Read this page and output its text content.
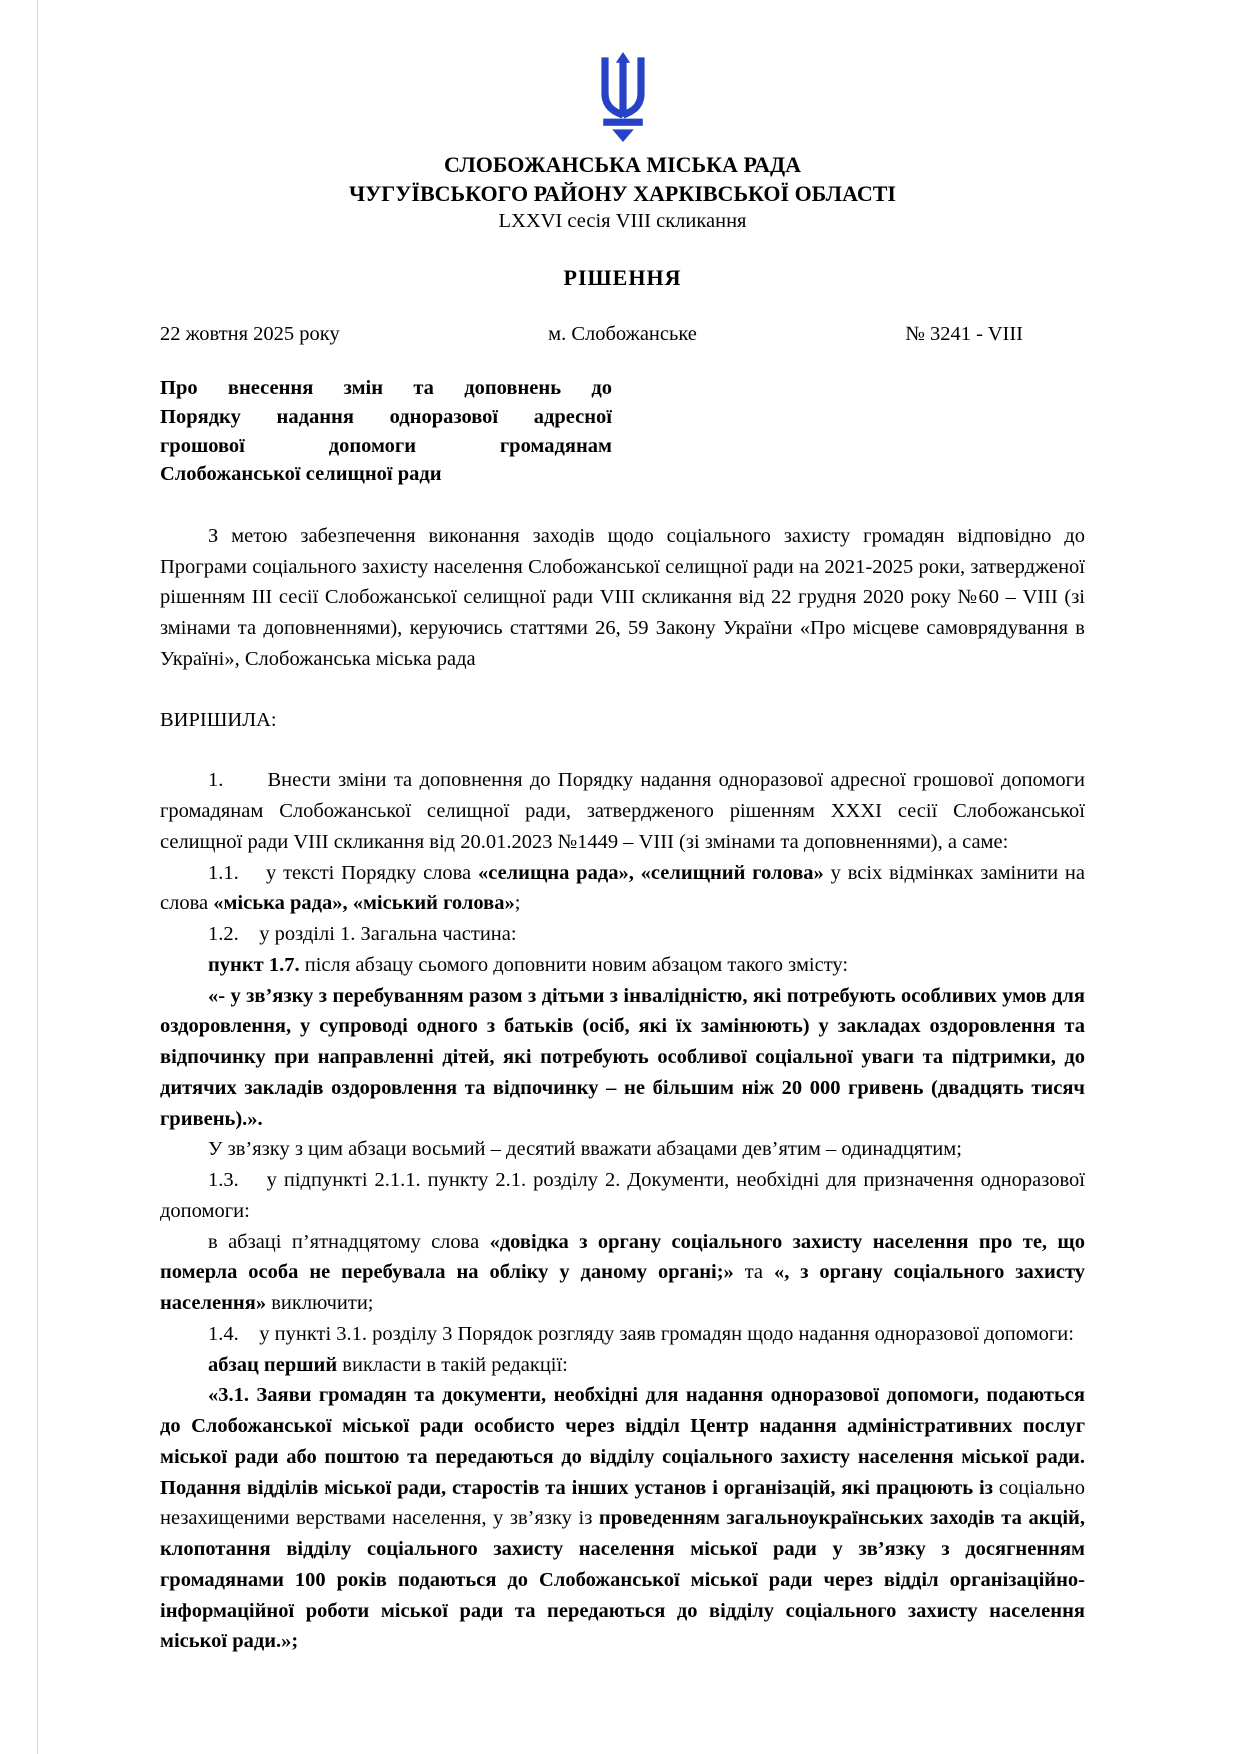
СЛОБОЖАНСЬКА МІСЬКА РАДА
ЧУГУЇВСЬКОГО РАЙОНУ ХАРКІВСЬКОЇ ОБЛАСТІ
LXXVI сесія VIII скликання
РІШЕННЯ
22 жовтня 2025 року	м. Слобожанське	№ 3241 - VIII
Про внесення змін та доповнень до
Порядку надання одноразової адресної
грошової допомоги громадянам
Слобожанської селищної ради
З метою забезпечення виконання заходів щодо соціального захисту громадян відповідно до Програми соціального захисту населення Слобожанської селищної ради на 2021-2025 роки, затвердженої рішенням III сесії Слобожанської селищної ради VIII скликання від 22 грудня 2020 року №60 – VIII (зі змінами та доповненнями), керуючись статтями 26, 59 Закону України «Про місцеве самоврядування в Україні», Слобожанська міська рада
ВИРІШИЛА:
1.      Внести зміни та доповнення до Порядку надання одноразової адресної грошової допомоги громадянам Слобожанської селищної ради, затвердженого рішенням XXXI сесії Слобожанської селищної ради VIII скликання від 20.01.2023 №1449 – VIII (зі змінами та доповненнями), а саме:
1.1.    у тексті Порядку слова «селищна рада», «селищний голова» у всіх відмінках замінити на слова «міська рада», «міський голова»;
1.2.    у розділі 1. Загальна частина:
пункт 1.7. після абзацу сьомого доповнити новим абзацом такого змісту:
«- у зв’язку з перебуванням разом з дітьми з інвалідністю, які потребують особливих умов для оздоровлення, у супроводі одного з батьків (осіб, які їх замінюють) у закладах оздоровлення та відпочинку при направленні дітей, які потребують особливої соціальної уваги та підтримки, до дитячих закладів оздоровлення та відпочинку – не більшим ніж 20 000 гривень (двадцять тисяч гривень).».
У зв’язку з цим абзаци восьмий – десятий вважати абзацами дев’ятим – одинадцятим;
1.3.    у підпункті 2.1.1. пункту 2.1. розділу 2. Документи, необхідні для призначення одноразової допомоги:
в абзаці п’ятнадцятому слова «довідка з органу соціального захисту населення про те, що померла особа не перебувала на обліку у даному органі;» та «, з органу соціального захисту населення» виключити;
1.4.    у пункті 3.1. розділу 3 Порядок розгляду заяв громадян щодо надання одноразової допомоги:
абзац перший викласти в такій редакції:
«3.1. Заяви громадян та документи, необхідні для надання одноразової допомоги, подаються до Слобожанської міської ради особисто через відділ Центр надання адміністративних послуг міської ради або поштою та передаються до відділу соціального захисту населення міської ради. Подання відділів міської ради, старостів та інших установ і організацій, які працюють із соціально незахищеними верствами населення, у зв’язку із проведенням загальноукраїнських заходів та акцій, клопотання відділу соціального захисту населення міської ради у зв’язку з досягненням громадянами 100 років подаються до Слобожанської міської ради через відділ організаційно-інформаційної роботи міської ради та передаються до відділу соціального захисту населення міської ради.»;
